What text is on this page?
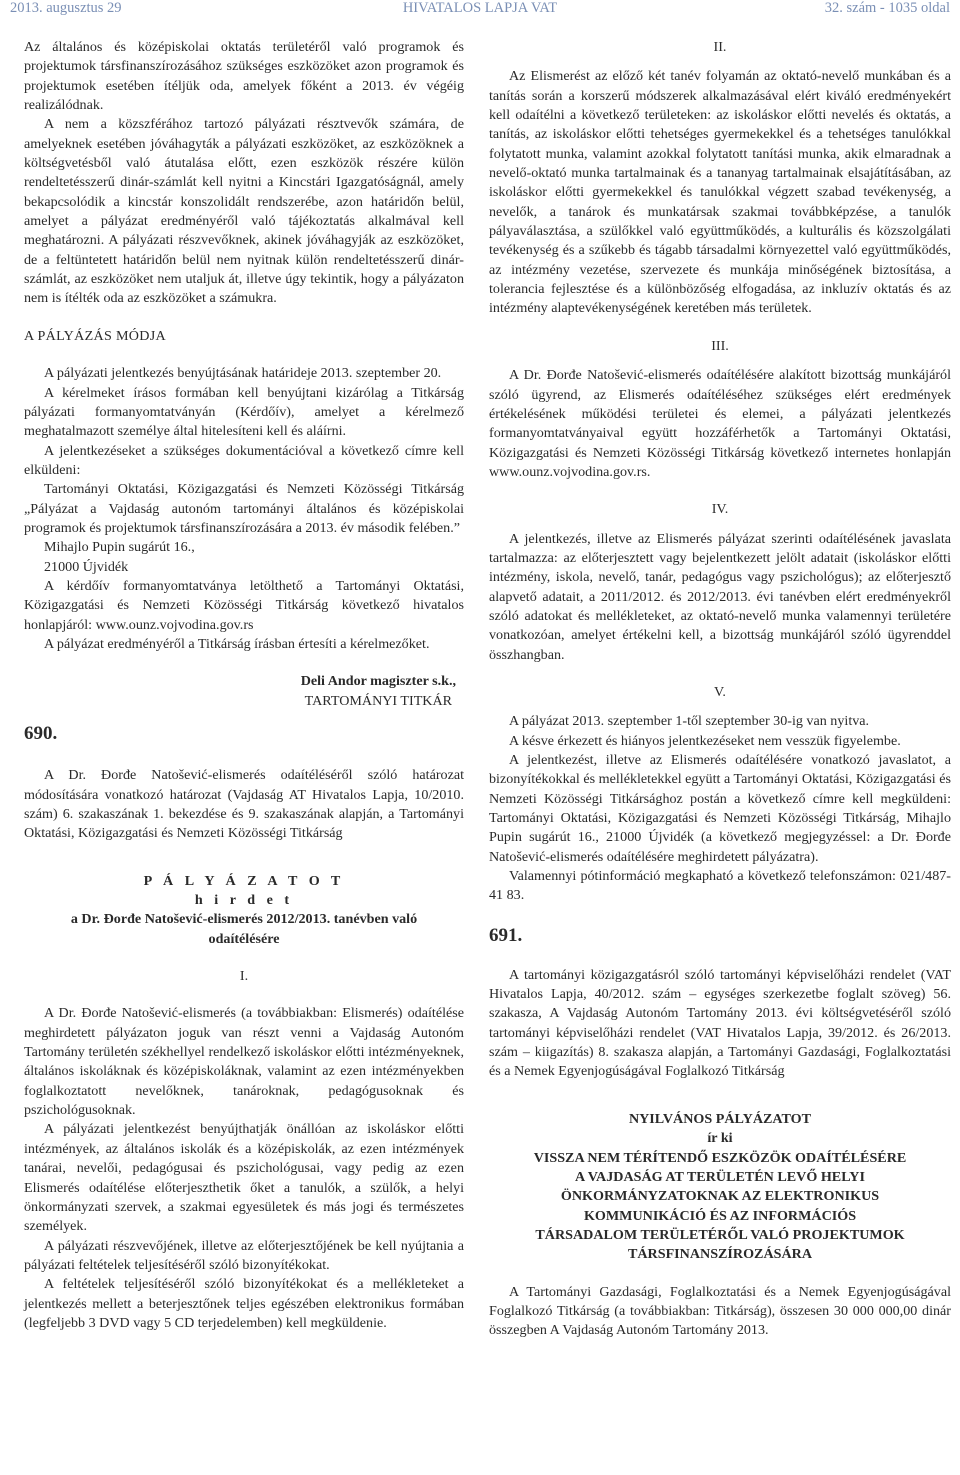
2013. augusztus 29	HIVATALOS LAPJA VAT	32. szám - 1035 oldal

Az általános és középiskolai oktatás területéről való programok és projektumok társfinanszírozásához szükséges eszközöket azon programok és projektumok esetében ítéljük oda, amelyek főként a 2013. év végéig realizálódnak.

A nem a közszférához tartozó pályázati résztvevők számára, de amelyeknek esetében jóváhagyták a pályázati eszközöket, az eszközöknek a költségvetésből való átutalása előtt, ezen eszközök részére külön rendeltetésszerű dinár-számlát kell nyitni a Kincstári Igazgatóságnál, amely bekapcsolódik a kincstár konszolidált rendszerébe, azon határidőn belül, amelyet a pályázat eredményéről való tájékoztatás alkalmával kell meghatározni. A pályázati részvevőknek, akinek jóváhagyják az eszközöket, de a feltüntetett határidőn belül nem nyitnak külön rendeltetésszerű dinár-számlát, az eszközöket nem utaljuk át, illetve úgy tekintik, hogy a pályázaton nem is ítélték oda az eszközöket a számukra.

A PÁLYÁZÁS MÓDJA

A pályázati jelentkezés benyújtásának határideje 2013. szeptember 20.

A kérelmeket írásos formában kell benyújtani kizárólag a Titkárság pályázati formanyomtatványán (Kérdőív), amelyet a kérelmező meghatalmazott személye által hitelesíteni kell és aláírni.

A jelentkezéseket a szükséges dokumentációval a következő címre kell elküldeni:

Tartományi Oktatási, Közigazgatási és Nemzeti Közösségi Titkárság „Pályázat a Vajdaság autonóm tartományi általános és középiskolai programok és projektumok társfinanszírozására a 2013. év második felében.”

Mihajlo Pupin sugárút 16.,

21000 Újvidék

A kérdőív formanyomtatványa letölthető a Tartományi Oktatási, Közigazgatási és Nemzeti Közösségi Titkárság következő hivatalos honlapjáról: www.ounz.vojvodina.gov.rs

A pályázat eredményéről a Titkárság írásban értesíti a kérelmezőket.

Deli Andor magiszter s.k.,
TARTOMÁNYI TITKÁR
690.

A Dr. Đorđe Natošević-elismerés odaítéléséről szóló határozat módosítására vonatkozó határozat (Vajdaság AT Hivatalos Lapja, 10/2010. szám) 6. szakaszának 1. bekezdése és 9. szakaszának alapján, a Tartományi Oktatási, Közigazgatási és Nemzeti Közösségi Titkárság

P Á L Y Á Z A T O T

h i r d e t

a Dr. Đorđe Natošević-elismerés 2012/2013. tanévben való

odaítélésére

I.

A Dr. Đorđe Natošević-elismerés (a továbbiakban: Elismerés) odaítélése meghirdetett pályázaton joguk van részt venni a Vajdaság Autonóm Tartomány területén székhellyel rendelkező iskoláskor előtti intézményeknek, általános iskoláknak és középiskoláknak, valamint az ezen intézményekben foglalkoztatott nevelőknek, tanároknak, pedagógusoknak és pszichológusoknak.

A pályázati jelentkezést benyújthatják önállóan az iskoláskor előtti intézmények, az általános iskolák és a középiskolák, az ezen intézmények tanárai, nevelői, pedagógusai és pszichológusai, vagy pedig az ezen Elismerés odaítélése előterjeszthetik őket a tanulók, a szülők, a helyi önkormányzati szervek, a szakmai egyesületek és más jogi és természetes személyek.

A pályázati részvevőjének, illetve az előterjesztőjének be kell nyújtania a pályázati feltételek teljesítéséről szóló bizonyítékokat.

A feltételek teljesítéséről szóló bizonyítékokat és a mellékleteket a jelentkezés mellett a beterjesztőnek teljes egészében elektronikus formában (legfeljebb 3 DVD vagy 5 CD terjedelemben) kell megküldenie.

II.

Az Elismerést az előző két tanév folyamán az oktató-nevelő munkában és a tanítás során a korszerű módszerek alkalmazásával elért kiváló eredményekért kell odaítélni a következő területeken: az iskoláskor előtti nevelés és oktatás, a tanítás, az iskoláskor előtti tehetséges gyermekekkel és a tehetséges tanulókkal folytatott munka, valamint azokkal folytatott tanítási munka, akik elmaradnak a nevelő-oktató munka tartalmainak és a tananyag tartalmainak elsajátításában, az iskoláskor előtti gyermekekkel és tanulókkal végzett szabad tevékenység, a nevelők, a tanárok és munkatársak szakmai továbbképzése, a tanulók pályaválasztása, a szülőkkel való együttműködés, a kulturális és közszolgálati tevékenység és a szűkebb és tágabb társadalmi környezettel való együttműködés, az intézmény vezetése, szervezete és munkája minőségének biztosítása, a tolerancia fejlesztése és a különbözőség elfogadása, az inkluzív oktatás és az intézmény alaptevékenységének keretében más területek.

III.

A Dr. Đorđe Natošević-elismerés odaítélésére alakított bizottság munkájáról szóló ügyrend, az Elismerés odaítéléséhez szükséges elért eredmények értékelésének működési területei és elemei, a pályázati jelentkezés formanyomtatványaival együtt hozzáférhetők a Tartományi Oktatási, Közigazgatási és Nemzeti Közösségi Titkárság következő internetes honlapján www.ounz.vojvodina.gov.rs.

IV.

A jelentkezés, illetve az Elismerés pályázat szerinti odaítélésének javaslata tartalmazza: az előterjesztett vagy bejelentkezett jelölt adatait (iskoláskor előtti intézmény, iskola, nevelő, tanár, pedagógus vagy pszichológus); az előterjesztő alapvető adatait, a 2011/2012. és 2012/2013. évi tanévben elért eredményekről szóló adatokat és mellékleteket, az oktató-nevelő munka valamennyi területére vonatkozóan, amelyet értékelni kell, a bizottság munkájáról szóló ügyrenddel összhangban.

V.

A pályázat 2013. szeptember 1-től szeptember 30-ig van nyitva.

A késve érkezett és hiányos jelentkezéseket nem vesszük figyelembe.

A jelentkezést, illetve az Elismerés odaítélésére vonatkozó javaslatot, a bizonyítékokkal és mellékletekkel együtt a Tartományi Oktatási, Közigazgatási és Nemzeti Közösségi Titkársághoz postán a következő címre kell megküldeni: Tartományi Oktatási, Közigazgatási és Nemzeti Közösségi Titkárság, Mihajlo Pupin sugárút 16., 21000 Újvidék (a következő megjegyzéssel: a Dr. Đorđe Natošević-elismerés odaítélésére meghirdetett pályázatra).

Valamennyi pótinformáció megkapható a következő telefonszámon: 021/487-41 83.

691.

A tartományi közigazgatásról szóló tartományi képviselőházi rendelet (VAT Hivatalos Lapja, 40/2012. szám – egységes szerkezetbe foglalt szöveg) 56. szakasza, A Vajdaság Autonóm Tartomány 2013. évi költségvetéséről szóló tartományi képviselőházi rendelet (VAT Hivatalos Lapja, 39/2012. és 26/2013. szám – kiigazítás) 8. szakasza alapján, a Tartományi Gazdasági, Foglalkoztatási és a Nemek Egyenjogúságával Foglalkozó Titkárság

NYILVÁNOS PÁLYÁZATOT

ír ki

VISSZA NEM TÉRÍTENDŐ ESZKÖZÖK ODAÍTÉLÉSÉRE

A VAJDASÁG AT TERÜLETÉN LEVŐ HELYI

ÖNKORMÁNYZATOKNAK AZ ELEKTRONIKUS

KOMMUNIKÁCIÓ ÉS AZ INFORMÁCIÓS

TÁRSADALOM TERÜLETÉRŐL VALÓ PROJEKTUMOK

TÁRSFINANSZÍROZÁSÁRA

A Tartományi Gazdasági, Foglalkoztatási és a Nemek Egyenjogúságával Foglalkozó Titkárság (a továbbiakban: Titkárság), összesen 30 000 000,00 dinár összegben A Vajdaság Autonóm Tartomány 2013.
